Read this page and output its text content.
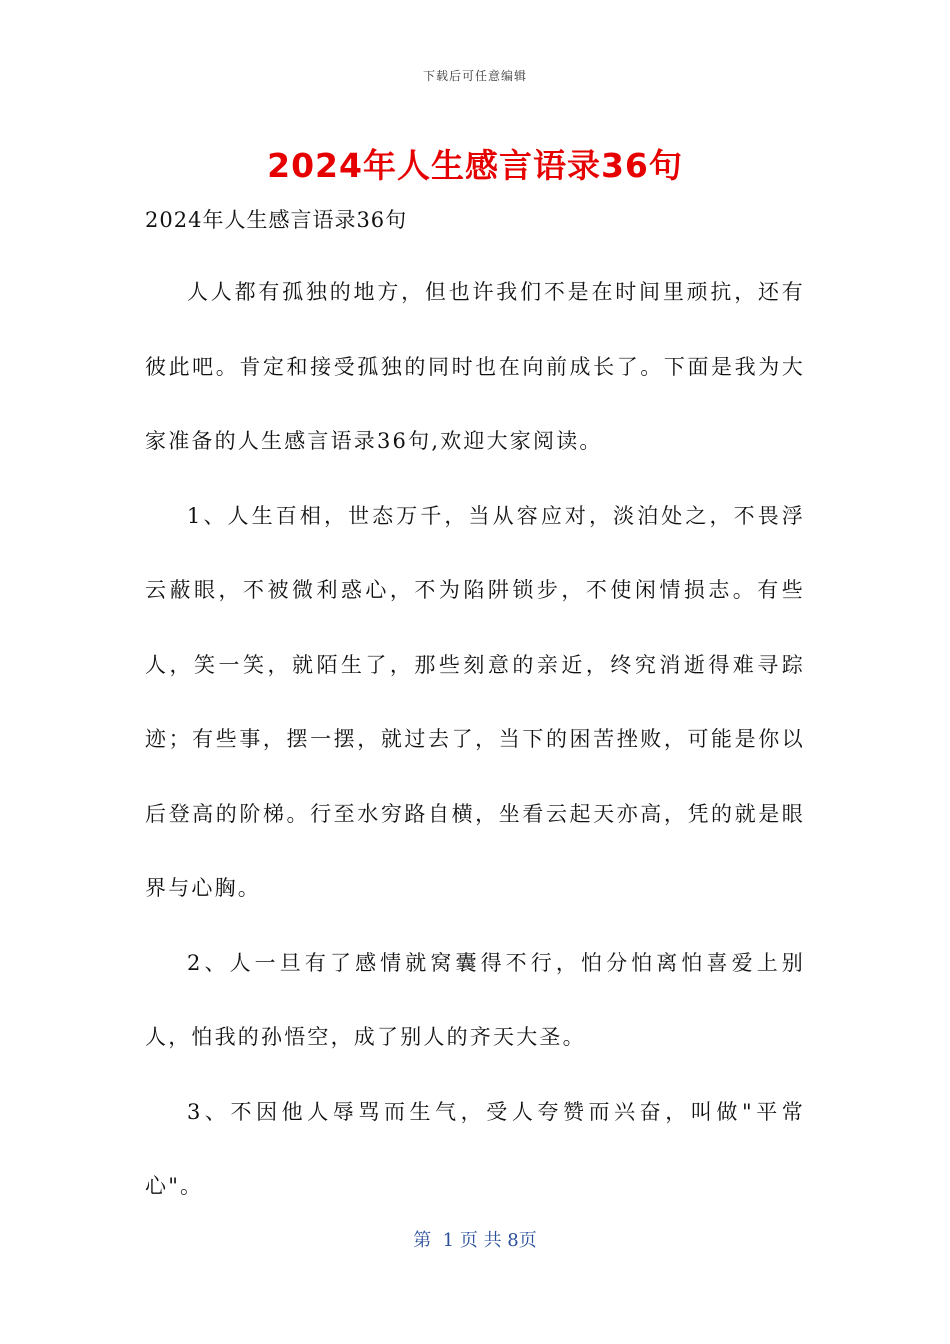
下载后可任意编辑
2024年人生感言语录36句
2024年人生感言语录36句

人人都有孤独的地方，但也许我们不是在时间里顽抗，还有彼此吧。肯定和接受孤独的同时也在向前成长了。下面是我为大家准备的人生感言语录36句,欢迎大家阅读。

1、人生百相，世态万千，当从容应对，淡泊处之，不畏浮云蔽眼，不被微利惑心，不为陷阱锁步，不使闲情损志。有些人，笑一笑，就陌生了，那些刻意的亲近，终究消逝得难寻踪迹；有些事，摆一摆，就过去了，当下的困苦挫败，可能是你以后登高的阶梯。行至水穷路自横，坐看云起天亦高，凭的就是眼界与心胸。

2、人一旦有了感情就窝囊得不行，怕分怕离怕喜爱上别人，怕我的孙悟空，成了别人的齐天大圣。

3、不因他人辱骂而生气，受人夸赞而兴奋，叫做"平常心"。

第  1 页 共 8页
